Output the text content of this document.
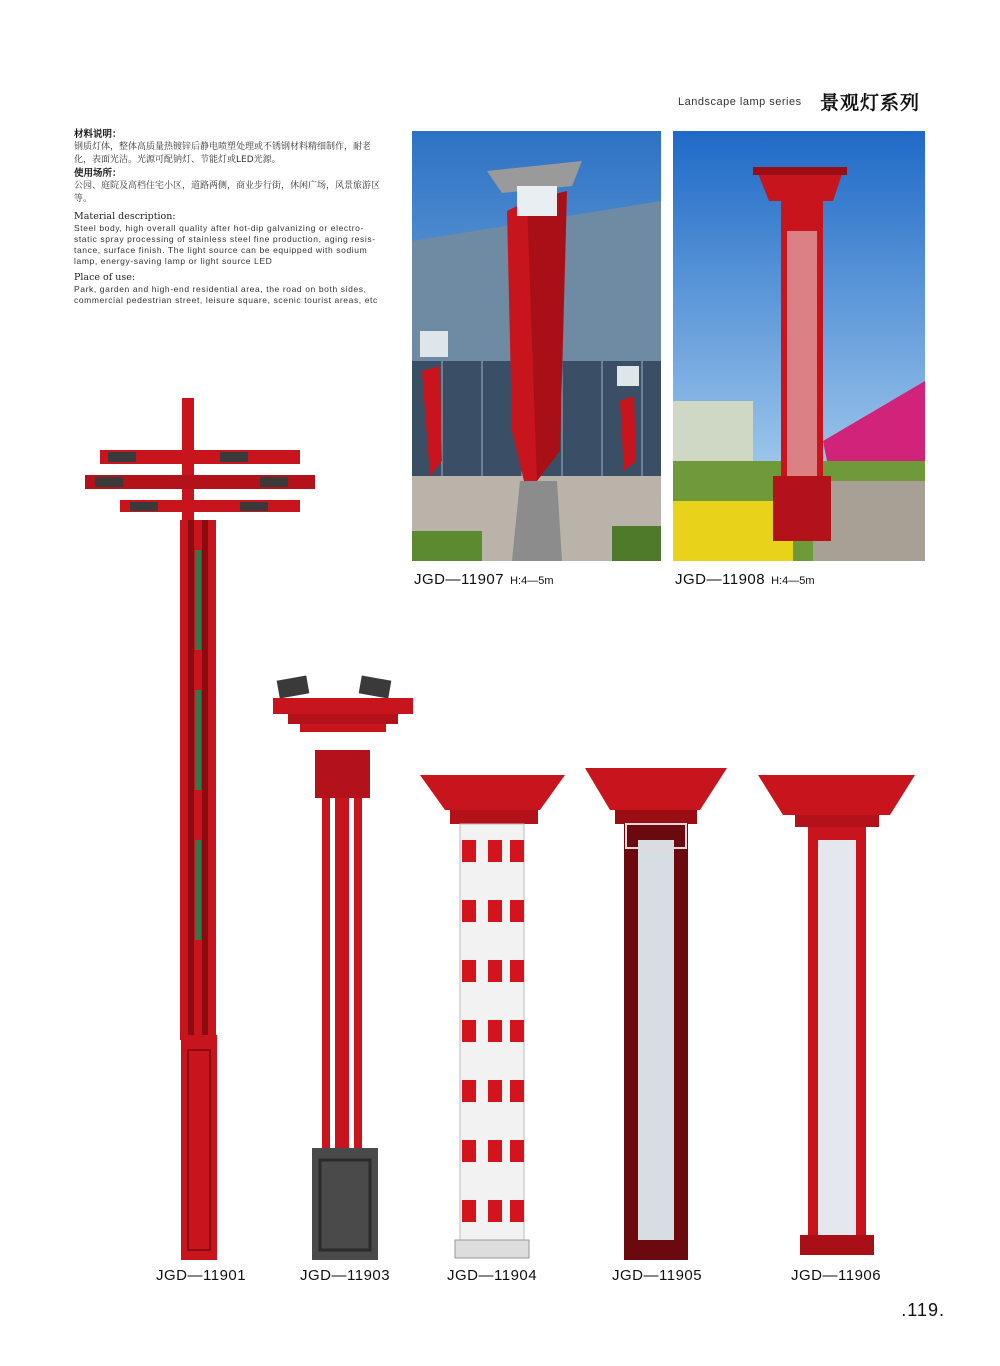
Landscape lamp series 景观灯系列

材料说明：

钢质灯体，整体高质量热镀锌后静电喷塑处理或不锈钢材料精细制作，耐老化，表面光洁。光源可配钠灯、节能灯或LED光源。

使用场所：

公园、庭院及高档住宅小区，道路两侧，商业步行街，休闲广场，风景旅游区等。

Material description:

Steel body, high overall quality after hot-dip galvanizing or electro-static spray processing of stainless steel fine production, aging resis-tance, surface finish. The light source can be equipped with sodium lamp, energy-saving lamp or light source LED

Place of use:

Park, garden and high-end residential area, the road on both sides, commercial pedestrian street, leisure square, scenic tourist areas, etc

JGD—11907 H:4—5m	JGD—11908 H:4—5m
JGD—11901	JGD—11903	JGD—11904	JGD—11905	JGD—11906
.119.
